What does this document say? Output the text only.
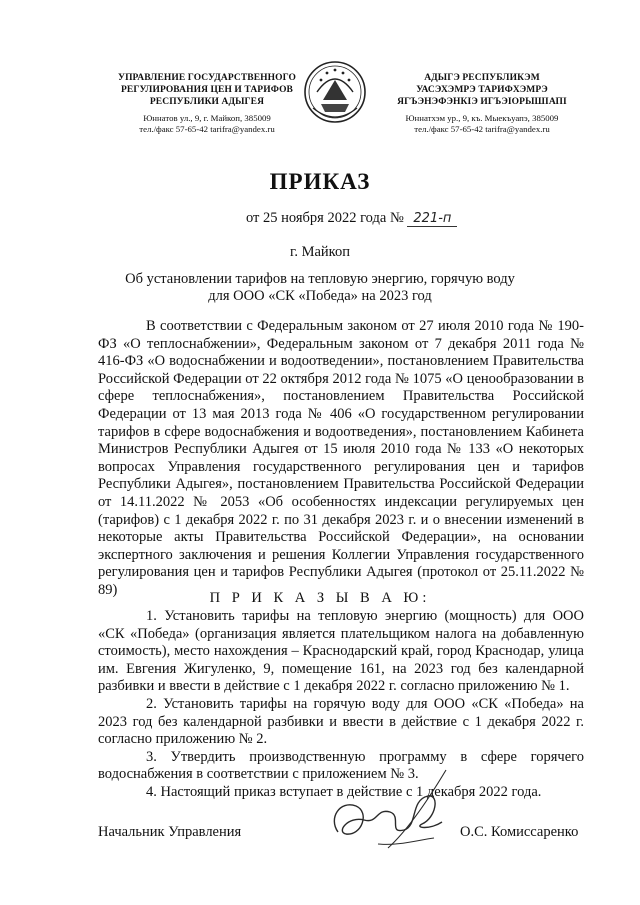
УПРАВЛЕНИЕ ГОСУДАРСТВЕННОГО
РЕГУЛИРОВАНИЯ ЦЕН И ТАРИФОВ
РЕСПУБЛИКИ АДЫГЕЯ
Юннатов ул., 9, г. Майкоп, 385009
тел./факс 57-65-42 tarifra@yandex.ru
АДЫГЭ РЕСПУБЛИКЭМ
УАСЭХЭМРЭ ТАРИФХЭМРЭ
ЯГЪЭНЭФЭНКIЭ ИГЪЭIОРЫШIАПI
Юннатхэм ур., 9, къ. Мыекъуапэ, 385009
тел./факс 57-65-42 tarifra@yandex.ru
ПРИКАЗ
от 25 ноября 2022 года № 221-п
г. Майкоп
Об установлении тарифов на тепловую энергию, горячую воду для ООО «СК «Победа» на 2023 год

В соответствии с Федеральным законом от 27 июля 2010 года № 190-ФЗ «О теплоснабжении», Федеральным законом от 7 декабря 2011 года № 416-ФЗ «О водоснабжении и водоотведении», постановлением Правительства Российской Федерации от 22 октября 2012 года № 1075 «О ценообразовании в сфере теплоснабжения», постановлением Правительства Российской Федерации от 13 мая 2013 года № 406 «О государственном регулировании тарифов в сфере водоснабжения и водоотведения», постановлением Кабинета Министров Республики Адыгея от 15 июля 2010 года № 133 «О некоторых вопросах Управления государственного регулирования цен и тарифов Республики Адыгея», постановлением Правительства Российской Федерации от 14.11.2022 № 2053 «Об особенностях индексации регулируемых цен (тарифов) с 1 декабря 2022 г. по 31 декабря 2023 г. и о внесении изменений в некоторые акты Правительства Российской Федерации», на основании экспертного заключения и решения Коллегии Управления государственного регулирования цен и тарифов Республики Адыгея (протокол от 25.11.2022 № 89)

П Р И К А З Ы В А Ю:

1. Установить тарифы на тепловую энергию (мощность) для ООО «СК «Победа» (организация является плательщиком налога на добавленную стоимость), место нахождения – Краснодарский край, город Краснодар, улица им. Евгения Жигуленко, 9, помещение 161, на 2023 год без календарной разбивки и ввести в действие с 1 декабря 2022 г. согласно приложению № 1.

2. Установить тарифы на горячую воду для ООО «СК «Победа» на 2023 год без календарной разбивки и ввести в действие с 1 декабря 2022 г. согласно приложению № 2.

3. Утвердить производственную программу в сфере горячего водоснабжения в соответствии с приложением № 3.

4. Настоящий приказ вступает в действие с 1 декабря 2022 года.

Начальник Управления	О.С. Комиссаренко
